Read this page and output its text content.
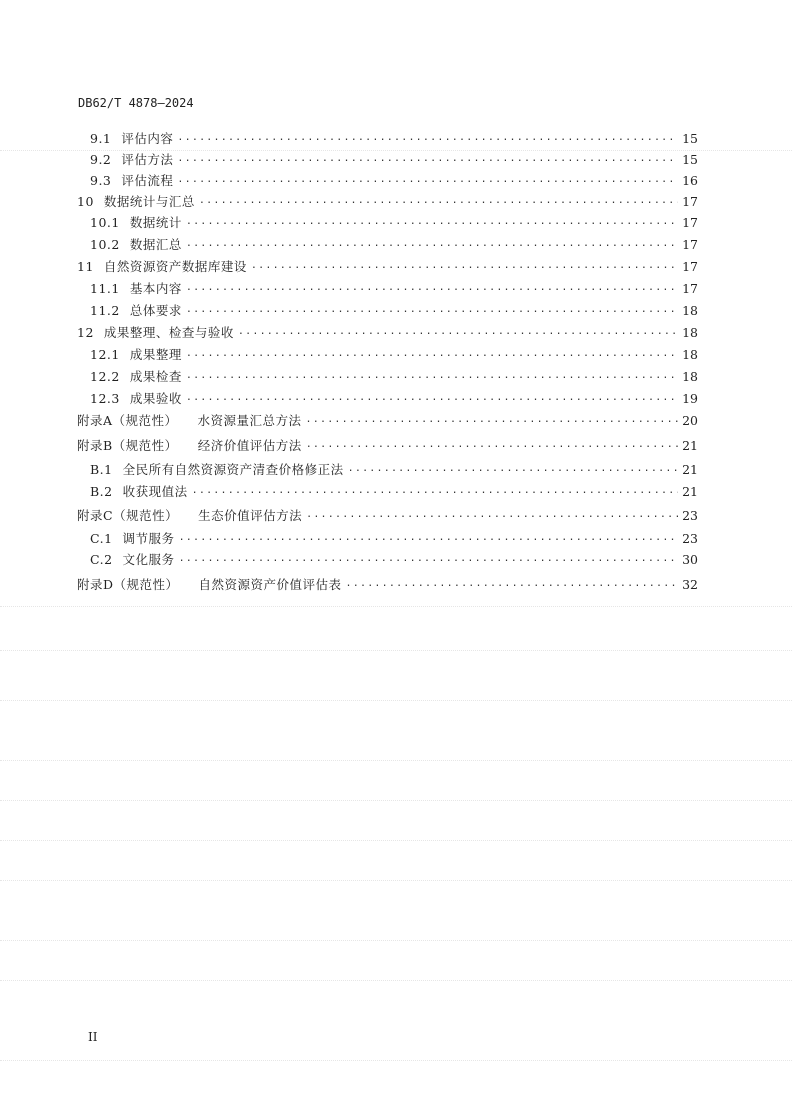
DB62/T 4878—2024
9.1 评估内容 .....	15
9.2 评估方法 .....	15
9.3 评估流程 .....	16
10 数据统计与汇总 .....	17
10.1 数据统计 .....	17
10.2 数据汇总 .....	17
11 自然资源资产数据库建设 .....	17
11.1 基本内容 .....	17
11.2 总体要求 .....	18
12 成果整理、检查与验收 .....	18
12.1 成果整理 .....	18
12.2 成果检查 .....	18
12.3 成果验收 .....	19
附录A（规范性） 水资源量汇总方法 .....	20
附录B（规范性） 经济价值评估方法 .....	21
B.1 全民所有自然资源资产清查价格修正法 .....	21
B.2 收获现值法 .....	21
附录C（规范性） 生态价值评估方法 .....	23
C.1 调节服务 .....	23
C.2 文化服务 .....	30
附录D（规范性） 自然资源资产价值评估表 .....	32
II
